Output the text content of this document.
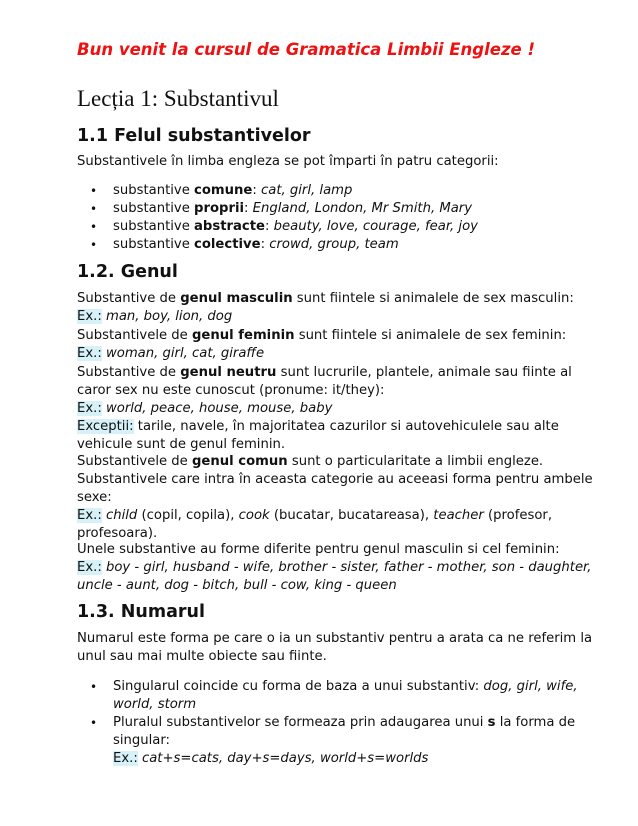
Bun venit la cursul de Gramatica Limbii Engleze !
Lecția 1: Substantivul
1.1 Felul substantivelor

Substantivele în limba engleza se pot împarti în patru categorii:

• substantive comune: cat, girl, lamp
• substantive proprii: England, London, Mr Smith, Mary
• substantive abstracte: beauty, love, courage, fear, joy
• substantive colective: crowd, group, team
1.2. Genul

Substantive de genul masculin sunt fiintele si animalele de sex masculin:
Ex.: man, boy, lion, dog

Substantivele de genul feminin sunt fiintele si animalele de sex feminin:
Ex.: woman, girl, cat, giraffe

Substantive de genul neutru sunt lucrurile, plantele, animale sau fiinte al caror sex nu este cunoscut (pronume: it/they):
Ex.: world, peace, house, mouse, baby
Exceptii: tarile, navele, în majoritatea cazurilor si autovehiculele sau alte vehicule sunt de genul feminin.

Substantivele de genul comun sunt o particularitate a limbii engleze. Substantivele care intra în aceasta categorie au aceeasi forma pentru ambele sexe:
Ex.: child (copil, copila), cook (bucatar, bucatareasa), teacher (profesor, profesoara).

Unele substantive au forme diferite pentru genul masculin si cel feminin:
Ex.: boy - girl, husband - wife, brother - sister, father - mother, son - daughter, uncle - aunt, dog - bitch, bull - cow, king - queen

1.3. Numarul

Numarul este forma pe care o ia un substantiv pentru a arata ca ne referim la unul sau mai multe obiecte sau fiinte.

• Singularul coincide cu forma de baza a unui substantiv: dog, girl, wife, world, storm
• Pluralul substantivelor se formeaza prin adaugarea unui s la forma de singular:
Ex.: cat+s=cats, day+s=days, world+s=worlds
